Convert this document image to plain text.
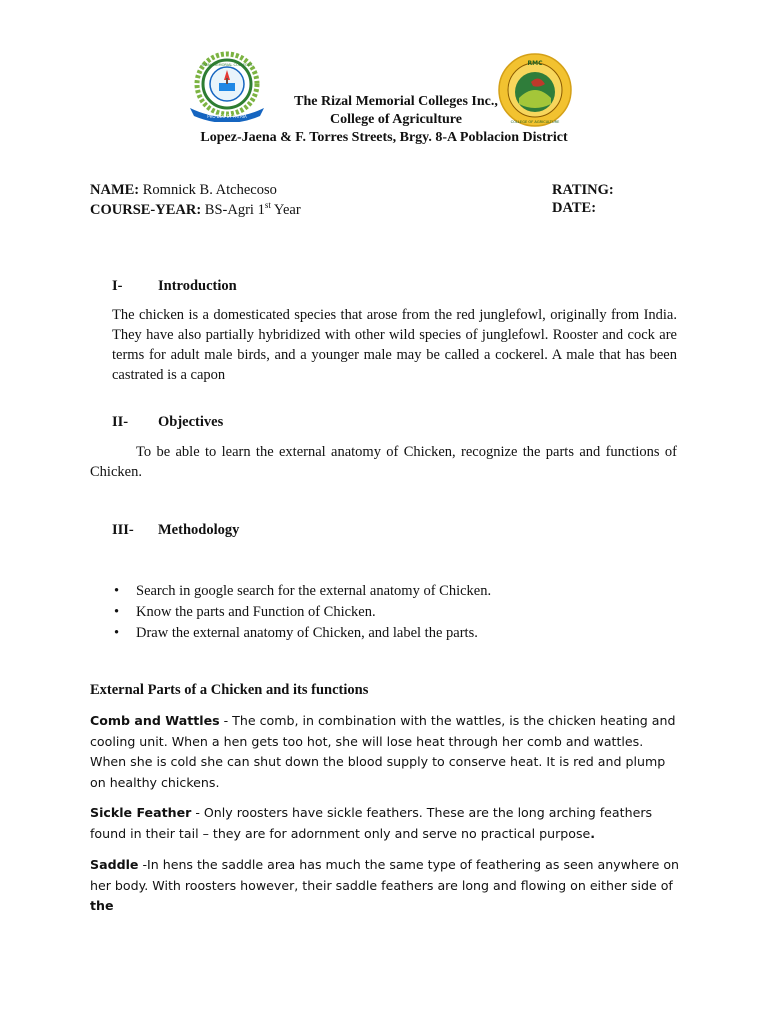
PRO DEO ET PATRIA
RIZAL MEMORIAL COLLEGES	RMC
COLLEGE OF AGRICULTURE
The Rizal Memorial Colleges Inc.,
College of Agriculture
Lopez-Jaena & F. Torres Streets, Brgy. 8-A Poblacion District
NAME: Romnick B. Atchecoso
COURSE-YEAR: BS-Agri 1st Year
RATING:
DATE:
I- Introduction

The chicken is a domesticated species that arose from the red junglefowl, originally from India. They have also partially hybridized with other wild species of junglefowl. Rooster and cock are terms for adult male birds, and a younger male may be called a cockerel. A male that has been castrated is a capon

II- Objectives

To be able to learn the external anatomy of Chicken, recognize the parts and functions of Chicken.

III- Methodology
• Search in google search for the external anatomy of Chicken.
• Know the parts and Function of Chicken.
• Draw the external anatomy of Chicken, and label the parts.
External Parts of a Chicken and its functions

Comb and Wattles - The comb, in combination with the wattles, is the chicken heating and cooling unit. When a hen gets too hot, she will lose heat through her comb and wattles. When she is cold she can shut down the blood supply to conserve heat. It is red and plump on healthy chickens.

Sickle Feather - Only roosters have sickle feathers. These are the long arching feathers found in their tail – they are for adornment only and serve no practical purpose.

Saddle -In hens the saddle area has much the same type of feathering as seen anywhere on her body. With roosters however, their saddle feathers are long and flowing on either side of the
